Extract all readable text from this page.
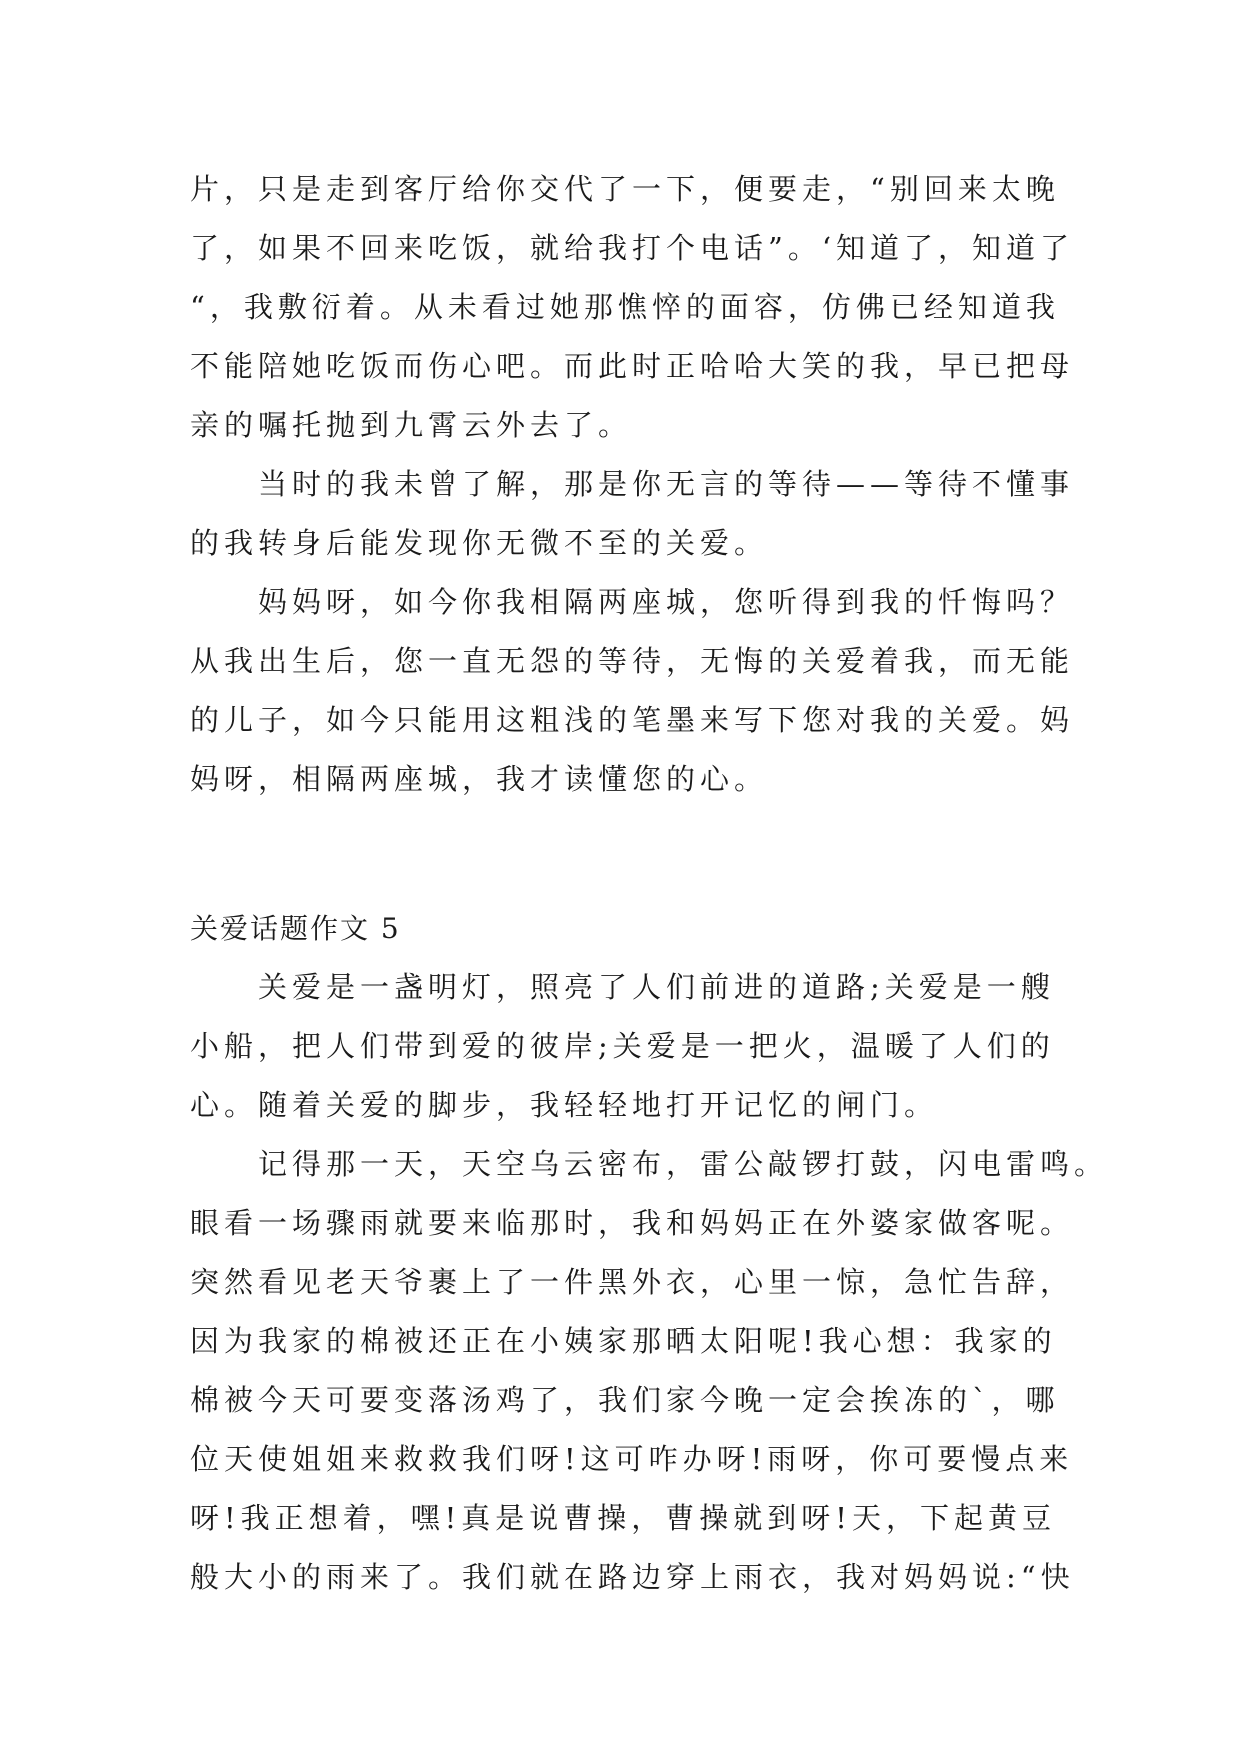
片，只是走到客厅给你交代了一下，便要走，“别回来太晚
了，如果不回来吃饭，就给我打个电话”。‘知道了，知道了
“，我敷衍着。从未看过她那憔悴的面容，仿佛已经知道我
不能陪她吃饭而伤心吧。而此时正哈哈大笑的我，早已把母
亲的嘱托抛到九霄云外去了。
当时的我未曾了解，那是你无言的等待——等待不懂事
的我转身后能发现你无微不至的关爱。
妈妈呀，如今你我相隔两座城，您听得到我的忏悔吗？
从我出生后，您一直无怨的等待，无悔的关爱着我，而无能
的儿子，如今只能用这粗浅的笔墨来写下您对我的关爱。妈
妈呀，相隔两座城，我才读懂您的心。
关爱话题作文 5
关爱是一盏明灯，照亮了人们前进的道路;关爱是一艘
小船，把人们带到爱的彼岸;关爱是一把火，温暖了人们的
心。随着关爱的脚步，我轻轻地打开记忆的闸门。
记得那一天，天空乌云密布，雷公敲锣打鼓，闪电雷鸣。
眼看一场骤雨就要来临那时，我和妈妈正在外婆家做客呢。
突然看见老天爷裹上了一件黑外衣，心里一惊，急忙告辞，
因为我家的棉被还正在小姨家那晒太阳呢!我心想：我家的
棉被今天可要变落汤鸡了，我们家今晚一定会挨冻的`，哪
位天使姐姐来救救我们呀!这可咋办呀!雨呀，你可要慢点来
呀!我正想着，嘿!真是说曹操，曹操就到呀!天，下起黄豆
般大小的雨来了。我们就在路边穿上雨衣，我对妈妈说:“快
